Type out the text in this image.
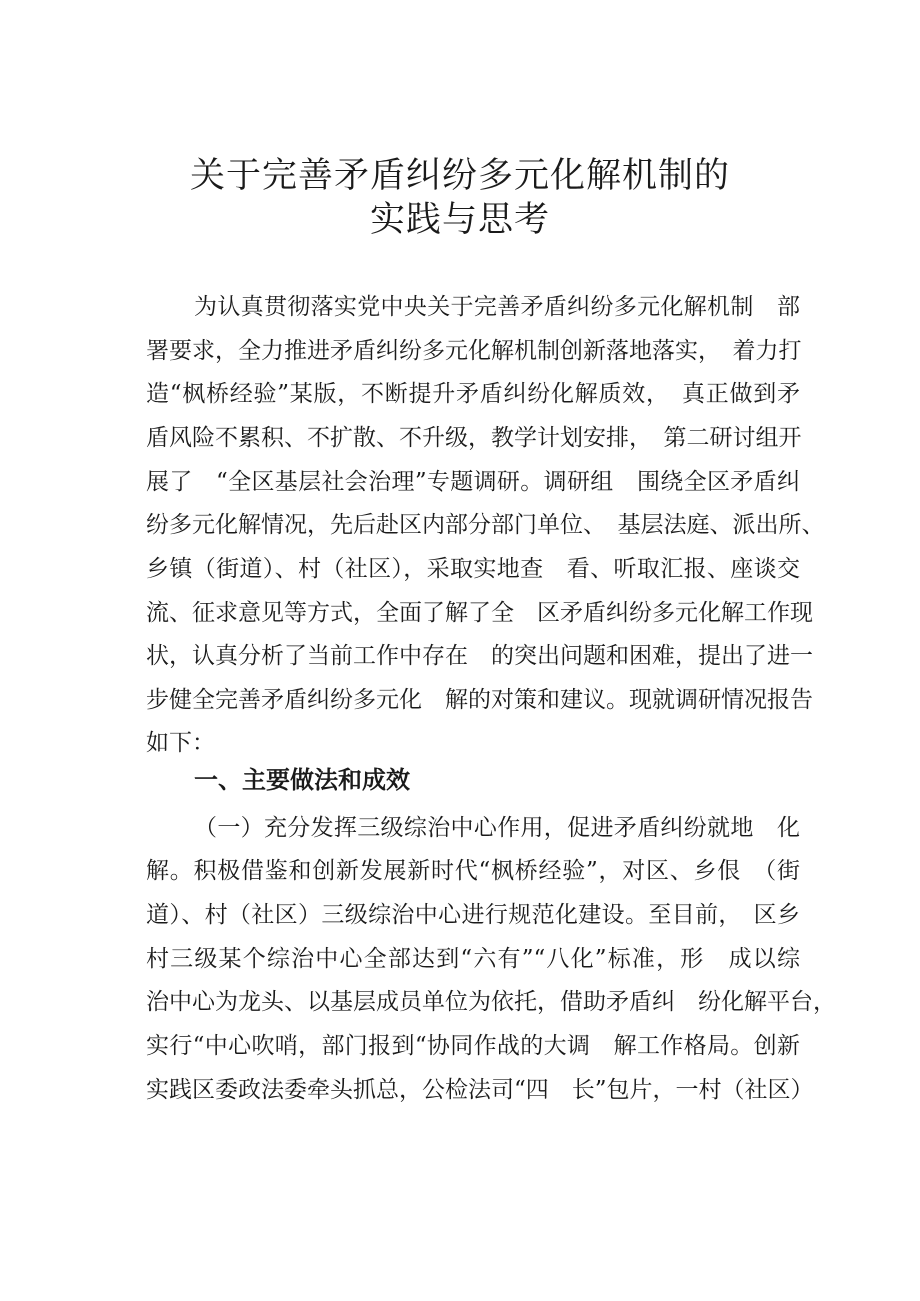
关于完善矛盾纠纷多元化解机制的
实践与思考

为认真贯彻落实党中央关于完善矛盾纠纷多元化解机制　部

署要求，全力推进矛盾纠纷多元化解机制创新落地落实，　着力打

造“枫桥经验”某版，不断提升矛盾纠纷化解质效，　真正做到矛

盾风险不累积、不扩散、不升级，教学计划安排，　第二研讨组开

展了　“全区基层社会治理”专题调研。调研组　围绕全区矛盾纠

纷多元化解情况，先后赴区内部分部门单位、　基层法庭、派出所、

乡镇（街道）、村（社区），采取实地查　看、听取汇报、座谈交

流、征求意见等方式，全面了解了全　区矛盾纠纷多元化解工作现

状，认真分析了当前工作中存在　的突出问题和困难，提出了进一

步健全完善矛盾纠纷多元化　解的对策和建议。现就调研情况报告

如下：

一、主要做法和成效

（一）充分发挥三级综治中心作用，促进矛盾纠纷就地　化

解。积极借鉴和创新发展新时代“枫桥经验”，对区、乡佷　（街

道）、村（社区）三级综治中心进行规范化建设。至目前，　区乡

村三级某个综治中心全部达到“六有”“八化”标准，形　成以综

治中心为龙头、以基层成员单位为依托，借助矛盾纠　纷化解平台，

实行“中心吹哨，部门报到“协同作战的大调　解工作格局。创新

实践区委政法委牵头抓总，公检法司“四　长”包片，一村（社区）
